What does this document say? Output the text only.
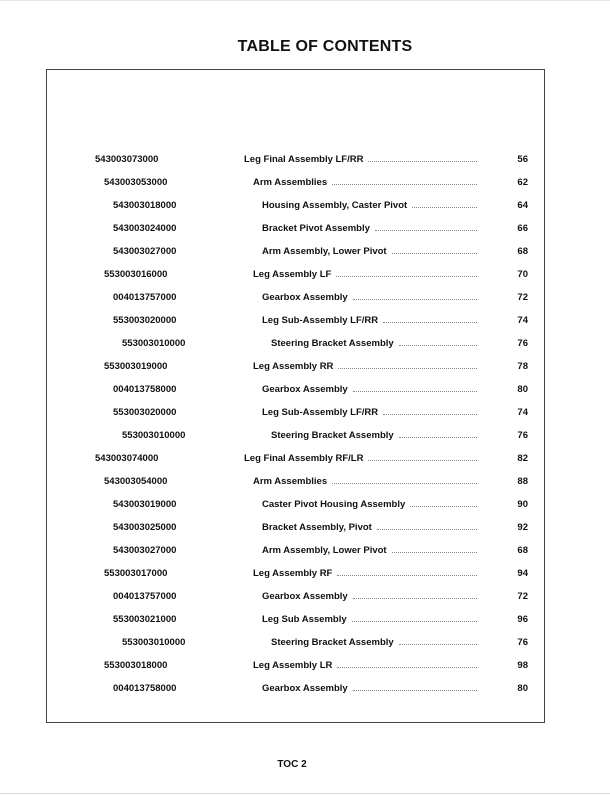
TABLE OF CONTENTS
543003073000	Leg Final Assembly LF/RR	56
543003053000	Arm Assemblies	62
543003018000	Housing Assembly, Caster Pivot	64
543003024000	Bracket Pivot Assembly	66
543003027000	Arm Assembly, Lower Pivot	68
553003016000	Leg Assembly LF	70
004013757000	Gearbox Assembly	72
553003020000	Leg Sub-Assembly LF/RR	74
553003010000	Steering Bracket Assembly	76
553003019000	Leg Assembly RR	78
004013758000	Gearbox Assembly	80
553003020000	Leg Sub-Assembly LF/RR	74
553003010000	Steering Bracket Assembly	76
543003074000	Leg Final Assembly RF/LR	82
543003054000	Arm Assemblies	88
543003019000	Caster Pivot Housing Assembly	90
543003025000	Bracket Assembly, Pivot	92
543003027000	Arm Assembly, Lower Pivot	68
553003017000	Leg Assembly RF	94
004013757000	Gearbox Assembly	72
553003021000	Leg Sub Assembly	96
553003010000	Steering Bracket Assembly	76
553003018000	Leg Assembly LR	98
004013758000	Gearbox Assembly	80
TOC 2
